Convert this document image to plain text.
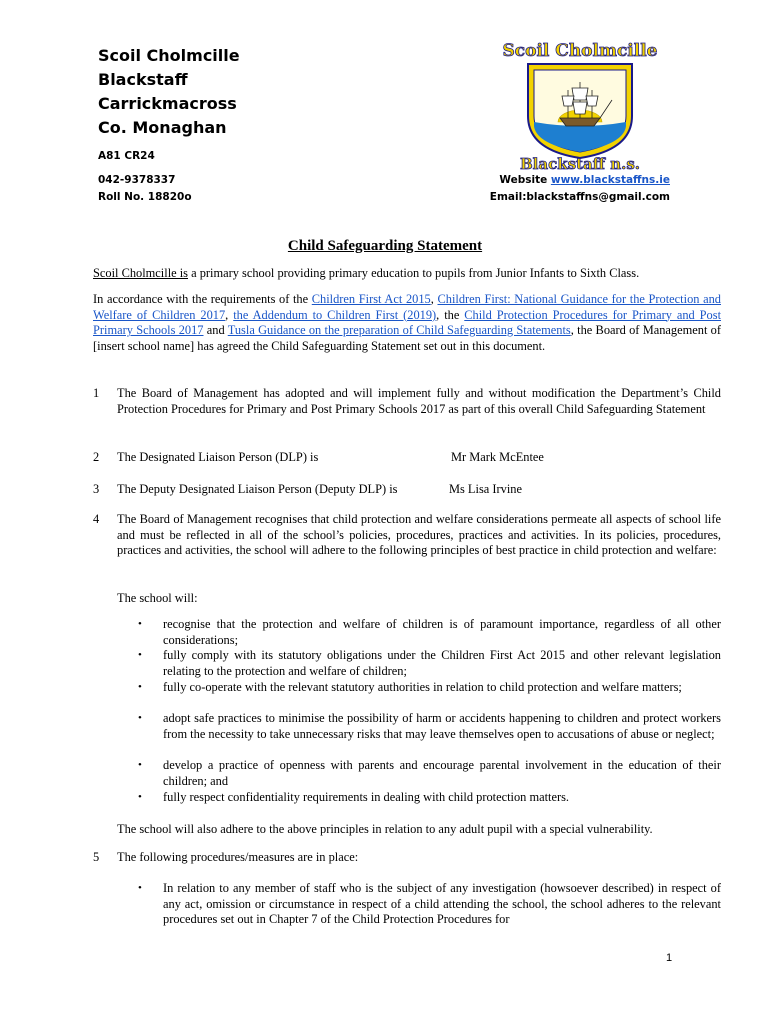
Scoil Cholmcille
Blackstaff
Carrickmacross
Co. Monaghan
A81 CR24
042-9378337
Roll No. 18820o
Website www.blackstaffns.ie
Email:blackstaffns@gmail.com
Scoil Cholmcille
Blackstaff n.s.
Child Safeguarding Statement
Scoil Cholmcille is a primary school providing primary education to pupils from Junior Infants to Sixth Class.
In accordance with the requirements of the Children First Act 2015, Children First: National Guidance for the Protection and Welfare of Children 2017, the Addendum to Children First (2019), the Child Protection Procedures for Primary and Post Primary Schools 2017 and Tusla Guidance on the preparation of Child Safeguarding Statements, the Board of Management of [insert school name] has agreed the Child Safeguarding Statement set out in this document.
1 The Board of Management has adopted and will implement fully and without modification the Department’s Child Protection Procedures for Primary and Post Primary Schools 2017 as part of this overall Child Safeguarding Statement
2 The Designated Liaison Person (DLP) is	Mr Mark McEntee
3 The Deputy Designated Liaison Person (Deputy DLP) is	Ms Lisa Irvine
4 The Board of Management recognises that child protection and welfare considerations permeate all aspects of school life and must be reflected in all of the school’s policies, procedures, practices and activities. In its policies, procedures, practices and activities, the school will adhere to the following principles of best practice in child protection and welfare:
The school will:
• recognise that the protection and welfare of children is of paramount importance, regardless of all other considerations;
• fully comply with its statutory obligations under the Children First Act 2015 and other relevant legislation relating to the protection and welfare of children;
• fully co-operate with the relevant statutory authorities in relation to child protection and welfare matters;
• adopt safe practices to minimise the possibility of harm or accidents happening to children and protect workers from the necessity to take unnecessary risks that may leave themselves open to accusations of abuse or neglect;
• develop a practice of openness with parents and encourage parental involvement in the education of their children; and
• fully respect confidentiality requirements in dealing with child protection matters.
The school will also adhere to the above principles in relation to any adult pupil with a special vulnerability.
5 The following procedures/measures are in place:
• In relation to any member of staff who is the subject of any investigation (howsoever described) in respect of any act, omission or circumstance in respect of a child attending the school, the school adheres to the relevant procedures set out in Chapter 7 of the Child Protection Procedures for
1
